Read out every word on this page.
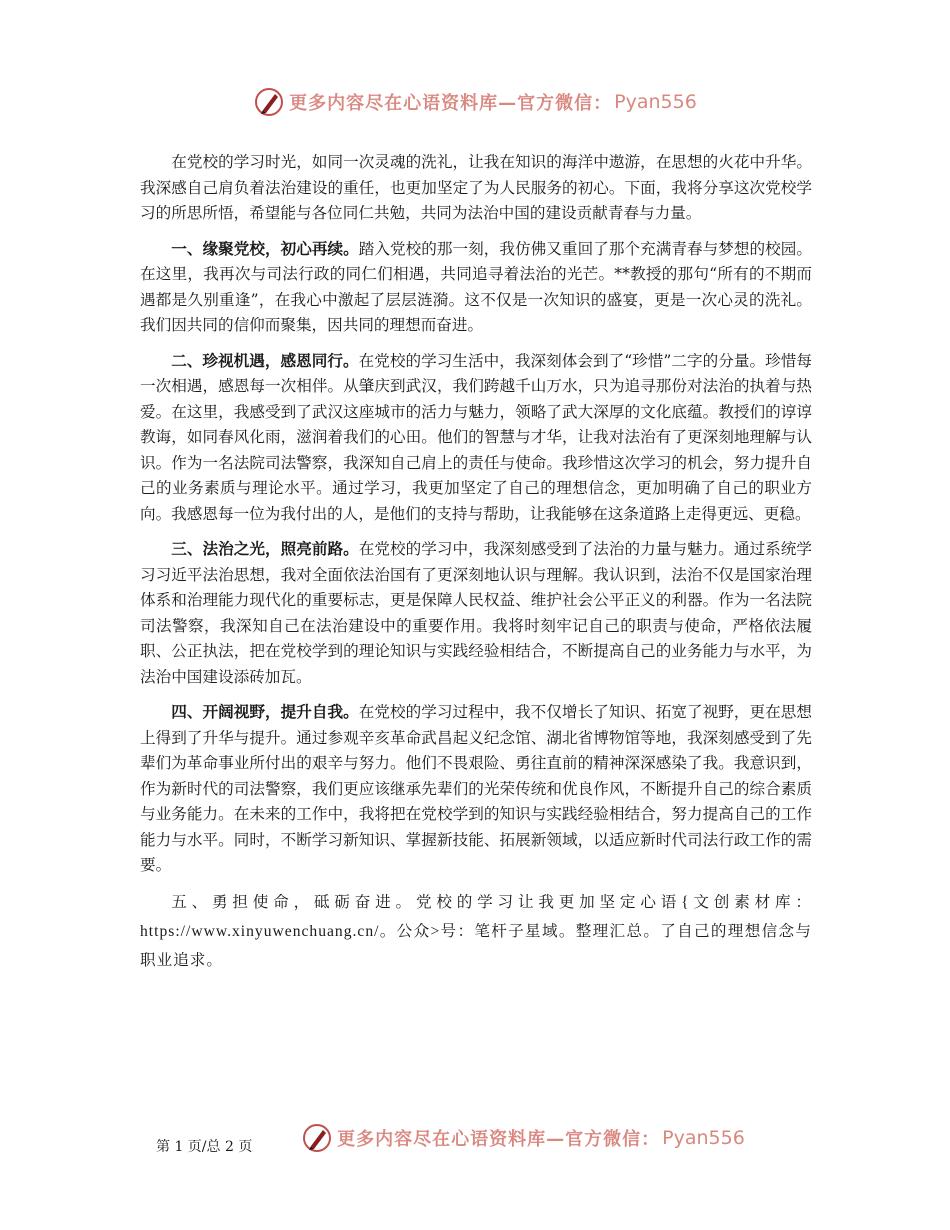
更多内容尽在心语资料库—官方微信： Pyan556

在党校的学习时光，如同一次灵魂的洗礼，让我在知识的海洋中遨游，在思想的火花中升华。我深感自己肩负着法治建设的重任，也更加坚定了为人民服务的初心。下面，我将分享这次党校学习的所思所悟，希望能与各位同仁共勉，共同为法治中国的建设贡献青春与力量。

一、缘聚党校，初心再续。踏入党校的那一刻，我仿佛又重回了那个充满青春与梦想的校园。在这里，我再次与司法行政的同仁们相遇，共同追寻着法治的光芒。**教授的那句“所有的不期而遇都是久别重逢”，在我心中激起了层层涟漪。这不仅是一次知识的盛宴，更是一次心灵的洗礼。我们因共同的信仰而聚集，因共同的理想而奋进。

二、珍视机遇，感恩同行。在党校的学习生活中，我深刻体会到了“珍惜”二字的分量。珍惜每一次相遇，感恩每一次相伴。从肇庆到武汉，我们跨越千山万水，只为追寻那份对法治的执着与热爱。在这里，我感受到了武汉这座城市的活力与魅力，领略了武大深厚的文化底蕴。教授们的谆谆教诲，如同春风化雨，滋润着我们的心田。他们的智慧与才华，让我对法治有了更深刻地理解与认识。作为一名法院司法警察，我深知自己肩上的责任与使命。我珍惜这次学习的机会，努力提升自己的业务素质与理论水平。通过学习，我更加坚定了自己的理想信念，更加明确了自己的职业方向。我感恩每一位为我付出的人，是他们的支持与帮助，让我能够在这条道路上走得更远、更稳。

三、法治之光，照亮前路。在党校的学习中，我深刻感受到了法治的力量与魅力。通过系统学习习近平法治思想，我对全面依法治国有了更深刻地认识与理解。我认识到，法治不仅是国家治理体系和治理能力现代化的重要标志，更是保障人民权益、维护社会公平正义的利器。作为一名法院司法警察，我深知自己在法治建设中的重要作用。我将时刻牢记自己的职责与使命，严格依法履职、公正执法，把在党校学到的理论知识与实践经验相结合，不断提高自己的业务能力与水平，为法治中国建设添砖加瓦。

四、开阔视野，提升自我。在党校的学习过程中，我不仅增长了知识、拓宽了视野，更在思想上得到了升华与提升。通过参观辛亥革命武昌起义纪念馆、湖北省博物馆等地，我深刻感受到了先辈们为革命事业所付出的艰辛与努力。他们不畏艰险、勇往直前的精神深深感染了我。我意识到，作为新时代的司法警察，我们更应该继承先辈们的光荣传统和优良作风，不断提升自己的综合素质与业务能力。在未来的工作中，我将把在党校学到的知识与实践经验相结合，努力提高自己的工作能力与水平。同时，不断学习新知识、掌握新技能、拓展新领域，以适应新时代司法行政工作的需要。

五、勇担使命，砥砺奋进。党校的学习让我更加坚定心语{文创素材库：https://www.xinyuwenchuang.cn/。公众>号：笔杆子星域。整理汇总。了自己的理想信念与职业追求。

更多内容尽在心语资料库—官方微信： Pyan556
第 1 页/总 2 页
